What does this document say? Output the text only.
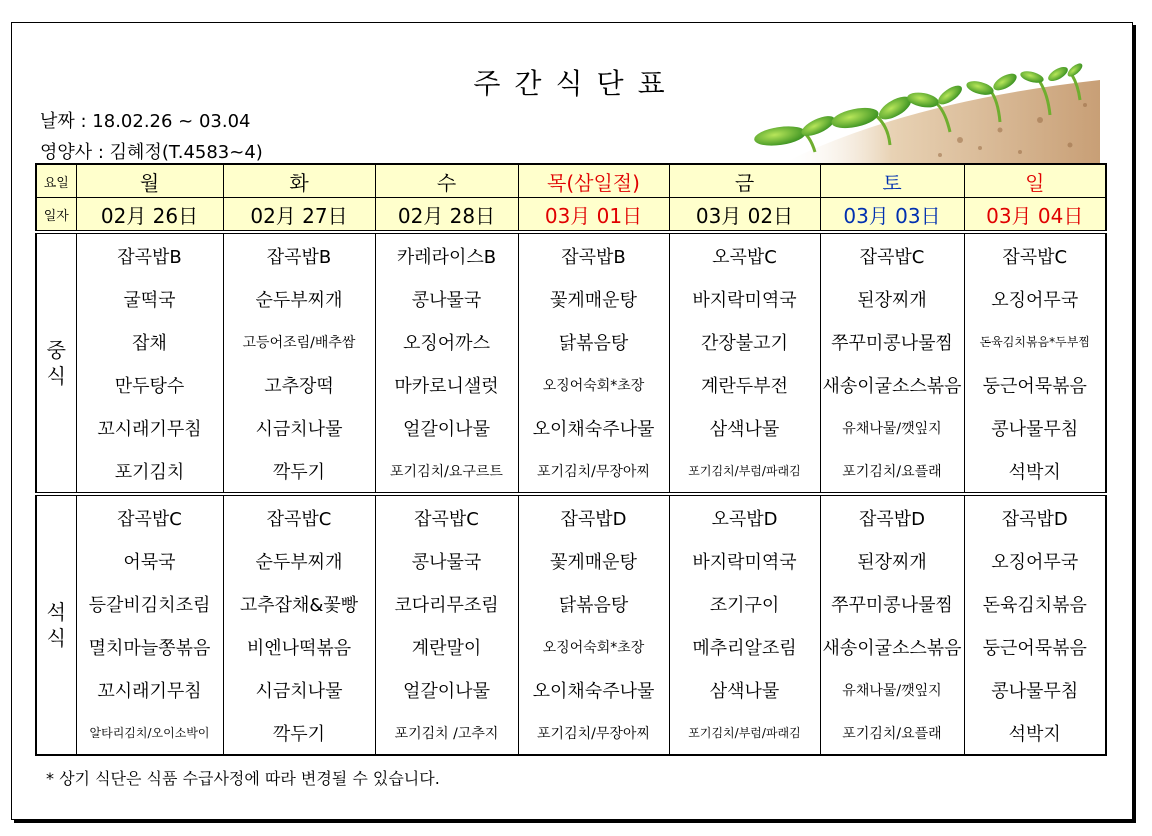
주간식단표
날짜 : 18.02.26 ~ 03.04
영양사 : 김혜정(T.4583~4)
요일	월	화	수	목(삼일절)	금	토	일
일자	02月 26日	02月 27日	02月 28日	03月 01日	03月 02日	03月 03日	03月 04日

중
식	잡곡밥B	잡곡밥B	카레라이스B	잡곡밥B	오곡밥C	잡곡밥C	잡곡밥C
	굴떡국	순두부찌개	콩나물국	꽃게매운탕	바지락미역국	된장찌개	오징어무국
	잡채	고등어조림/배추쌈	오징어까스	닭볶음탕	간장불고기	쭈꾸미콩나물찜	돈육김치볶음*두부찜
	만두탕수	고추장떡	마카로니샐럿	오징어숙회*초장	계란두부전	새송이굴소스볶음	둥근어묵볶음
	꼬시래기무침	시금치나물	얼갈이나물	오이채숙주나물	삼색나물	유채나물/깻잎지	콩나물무침
	포기김치	깍두기	포기김치/요구르트	포기김치/무장아찌	포기김치/부럼/파래김	포기김치/요플래	석박지

석
식	잡곡밥C	잡곡밥C	잡곡밥C	잡곡밥D	오곡밥D	잡곡밥D	잡곡밥D
	어묵국	순두부찌개	콩나물국	꽃게매운탕	바지락미역국	된장찌개	오징어무국
	등갈비김치조림	고추잡채&꽃빵	코다리무조림	닭볶음탕	조기구이	쭈꾸미콩나물찜	돈육김치볶음
	멸치마늘쫑볶음	비엔나떡볶음	계란말이	오징어숙회*초장	메추리알조림	새송이굴소스볶음	둥근어묵볶음
	꼬시래기무침	시금치나물	얼갈이나물	오이채숙주나물	삼색나물	유채나물/깻잎지	콩나물무침
	알타리김치/오이소박이	깍두기	포기김치 /고추지	포기김치/무장아찌	포기김치/부럼/파래김	포기김치/요플래	석박지
* 상기 식단은 식품 수급사정에 따라 변경될 수 있습니다.
